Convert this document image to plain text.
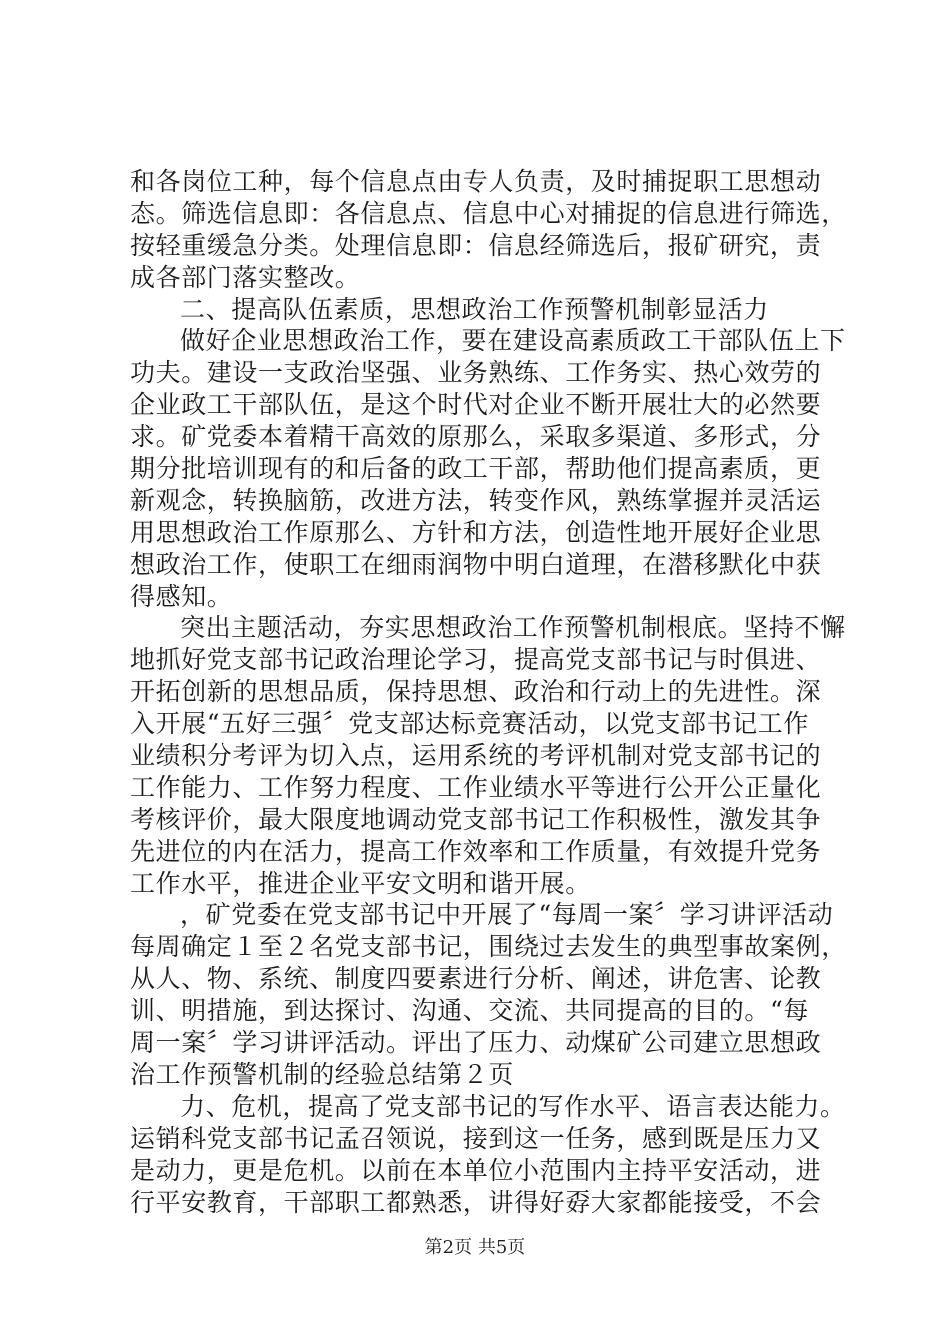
和各岗位工种，每个信息点由专人负责，及时捕捉职工思想动
态。筛选信息即：各信息点、信息中心对捕捉的信息进行筛选，
按轻重缓急分类。处理信息即：信息经筛选后，报矿研究，责
成各部门落实整改。
二、提高队伍素质，思想政治工作预警机制彰显活力
做好企业思想政治工作，要在建设高素质政工干部队伍上下
功夫。建设一支政治坚强、业务熟练、工作务实、热心效劳的
企业政工干部队伍，是这个时代对企业不断开展壮大的必然要
求。矿党委本着精干高效的原那么，采取多渠道、多形式，分
期分批培训现有的和后备的政工干部，帮助他们提高素质，更
新观念，转换脑筋，改进方法，转变作风，熟练掌握并灵活运
用思想政治工作原那么、方针和方法，创造性地开展好企业思
想政治工作，使职工在细雨润物中明白道理，在潜移默化中获
得感知。
突出主题活动，夯实思想政治工作预警机制根底。坚持不懈
地抓好党支部书记政治理论学习，提高党支部书记与时俱进、
开拓创新的思想品质，保持思想、政治和行动上的先进性。深
入开展“五好三强〞党支部达标竞赛活动，以党支部书记工作
业绩积分考评为切入点，运用系统的考评机制对党支部书记的
工作能力、工作努力程度、工作业绩水平等进行公开公正量化
考核评价，最大限度地调动党支部书记工作积极性，激发其争
先进位的内在活力，提高工作效率和工作质量，有效提升党务
工作水平，推进企业平安文明和谐开展。
，矿党委在党支部书记中开展了“每周一案〞学习讲评活动
每周确定１至２名党支部书记，围绕过去发生的典型事故案例，
从人、物、系统、制度四要素进行分析、阐述，讲危害、论教
训、明措施，到达探讨、沟通、交流、共同提高的目的。“每
周一案〞学习讲评活动。评出了压力、动煤矿公司建立思想政
治工作预警机制的经验总结第２页
力、危机，提高了党支部书记的写作水平、语言表达能力。
运销科党支部书记孟召领说，接到这一任务，感到既是压力又
是动力，更是危机。以前在本单位小范围内主持平安活动，进
行平安教育，干部职工都熟悉，讲得好孬大家都能接受，不会
第2页 共5页
